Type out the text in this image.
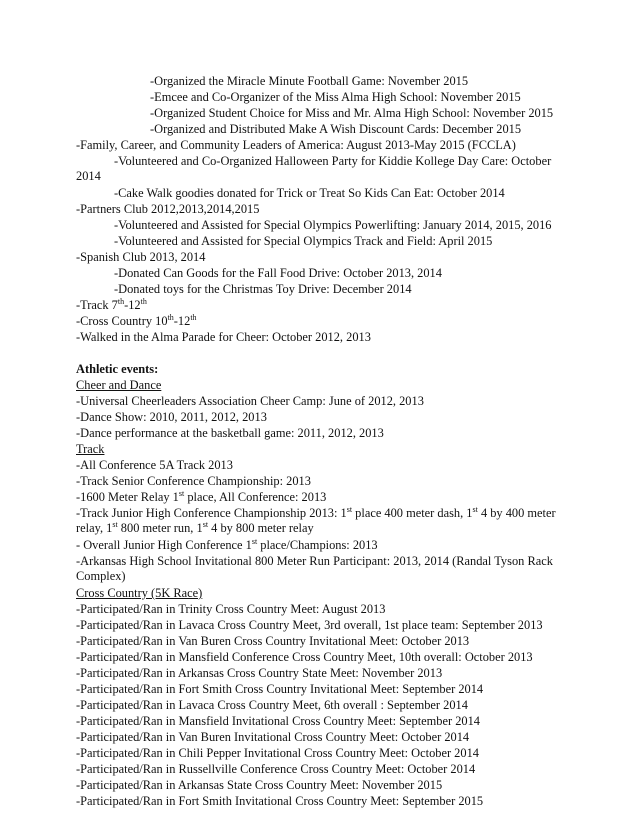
-Organized the Miracle Minute Football Game: November 2015
-Emcee and Co-Organizer of the Miss Alma High School: November 2015
-Organized Student Choice for Miss and Mr. Alma High School: November 2015
-Organized and Distributed Make A Wish Discount Cards: December 2015
-Family, Career, and Community Leaders of America: August 2013-May 2015 (FCCLA)
-Volunteered and Co-Organized Halloween Party for Kiddie Kollege Day Care: October 2014
-Cake Walk goodies donated for Trick or Treat So Kids Can Eat: October 2014
-Partners Club 2012,2013,2014,2015
-Volunteered and Assisted for Special Olympics Powerlifting: January 2014, 2015, 2016
-Volunteered and Assisted for Special Olympics Track and Field: April 2015
-Spanish Club 2013, 2014
-Donated Can Goods for the Fall Food Drive: October 2013, 2014
-Donated toys for the Christmas Toy Drive: December 2014
-Track 7th-12th
-Cross Country 10th-12th
-Walked in the Alma Parade for Cheer: October 2012, 2013
Athletic events:
Cheer and Dance
-Universal Cheerleaders Association Cheer Camp: June of 2012, 2013
-Dance Show: 2010, 2011, 2012, 2013
-Dance performance at the basketball game: 2011, 2012, 2013
Track
-All Conference 5A Track 2013
-Track Senior Conference Championship: 2013
-1600 Meter Relay 1st place, All Conference: 2013
-Track Junior High Conference Championship 2013: 1st place 400 meter dash, 1st 4 by 400 meter relay, 1st 800 meter run, 1st 4 by 800 meter relay
- Overall Junior High Conference 1st place/Champions: 2013
-Arkansas High School Invitational 800 Meter Run Participant: 2013, 2014 (Randal Tyson Rack Complex)
Cross Country (5K Race)
-Participated/Ran in Trinity Cross Country Meet: August 2013
-Participated/Ran in Lavaca Cross Country Meet, 3rd overall, 1st place team: September 2013
-Participated/Ran in Van Buren Cross Country Invitational Meet: October 2013
-Participated/Ran in Mansfield Conference Cross Country Meet, 10th overall: October 2013
-Participated/Ran in Arkansas Cross Country State Meet: November 2013
-Participated/Ran in Fort Smith Cross Country Invitational Meet: September 2014
-Participated/Ran in Lavaca Cross Country Meet, 6th overall : September 2014
-Participated/Ran in Mansfield Invitational Cross Country Meet: September 2014
-Participated/Ran in Van Buren Invitational Cross Country Meet: October 2014
-Participated/Ran in Chili Pepper Invitational Cross Country Meet: October 2014
-Participated/Ran in Russellville Conference Cross Country Meet: October 2014
-Participated/Ran in Arkansas State Cross Country Meet: November 2015
-Participated/Ran in Fort Smith Invitational Cross Country Meet: September 2015
